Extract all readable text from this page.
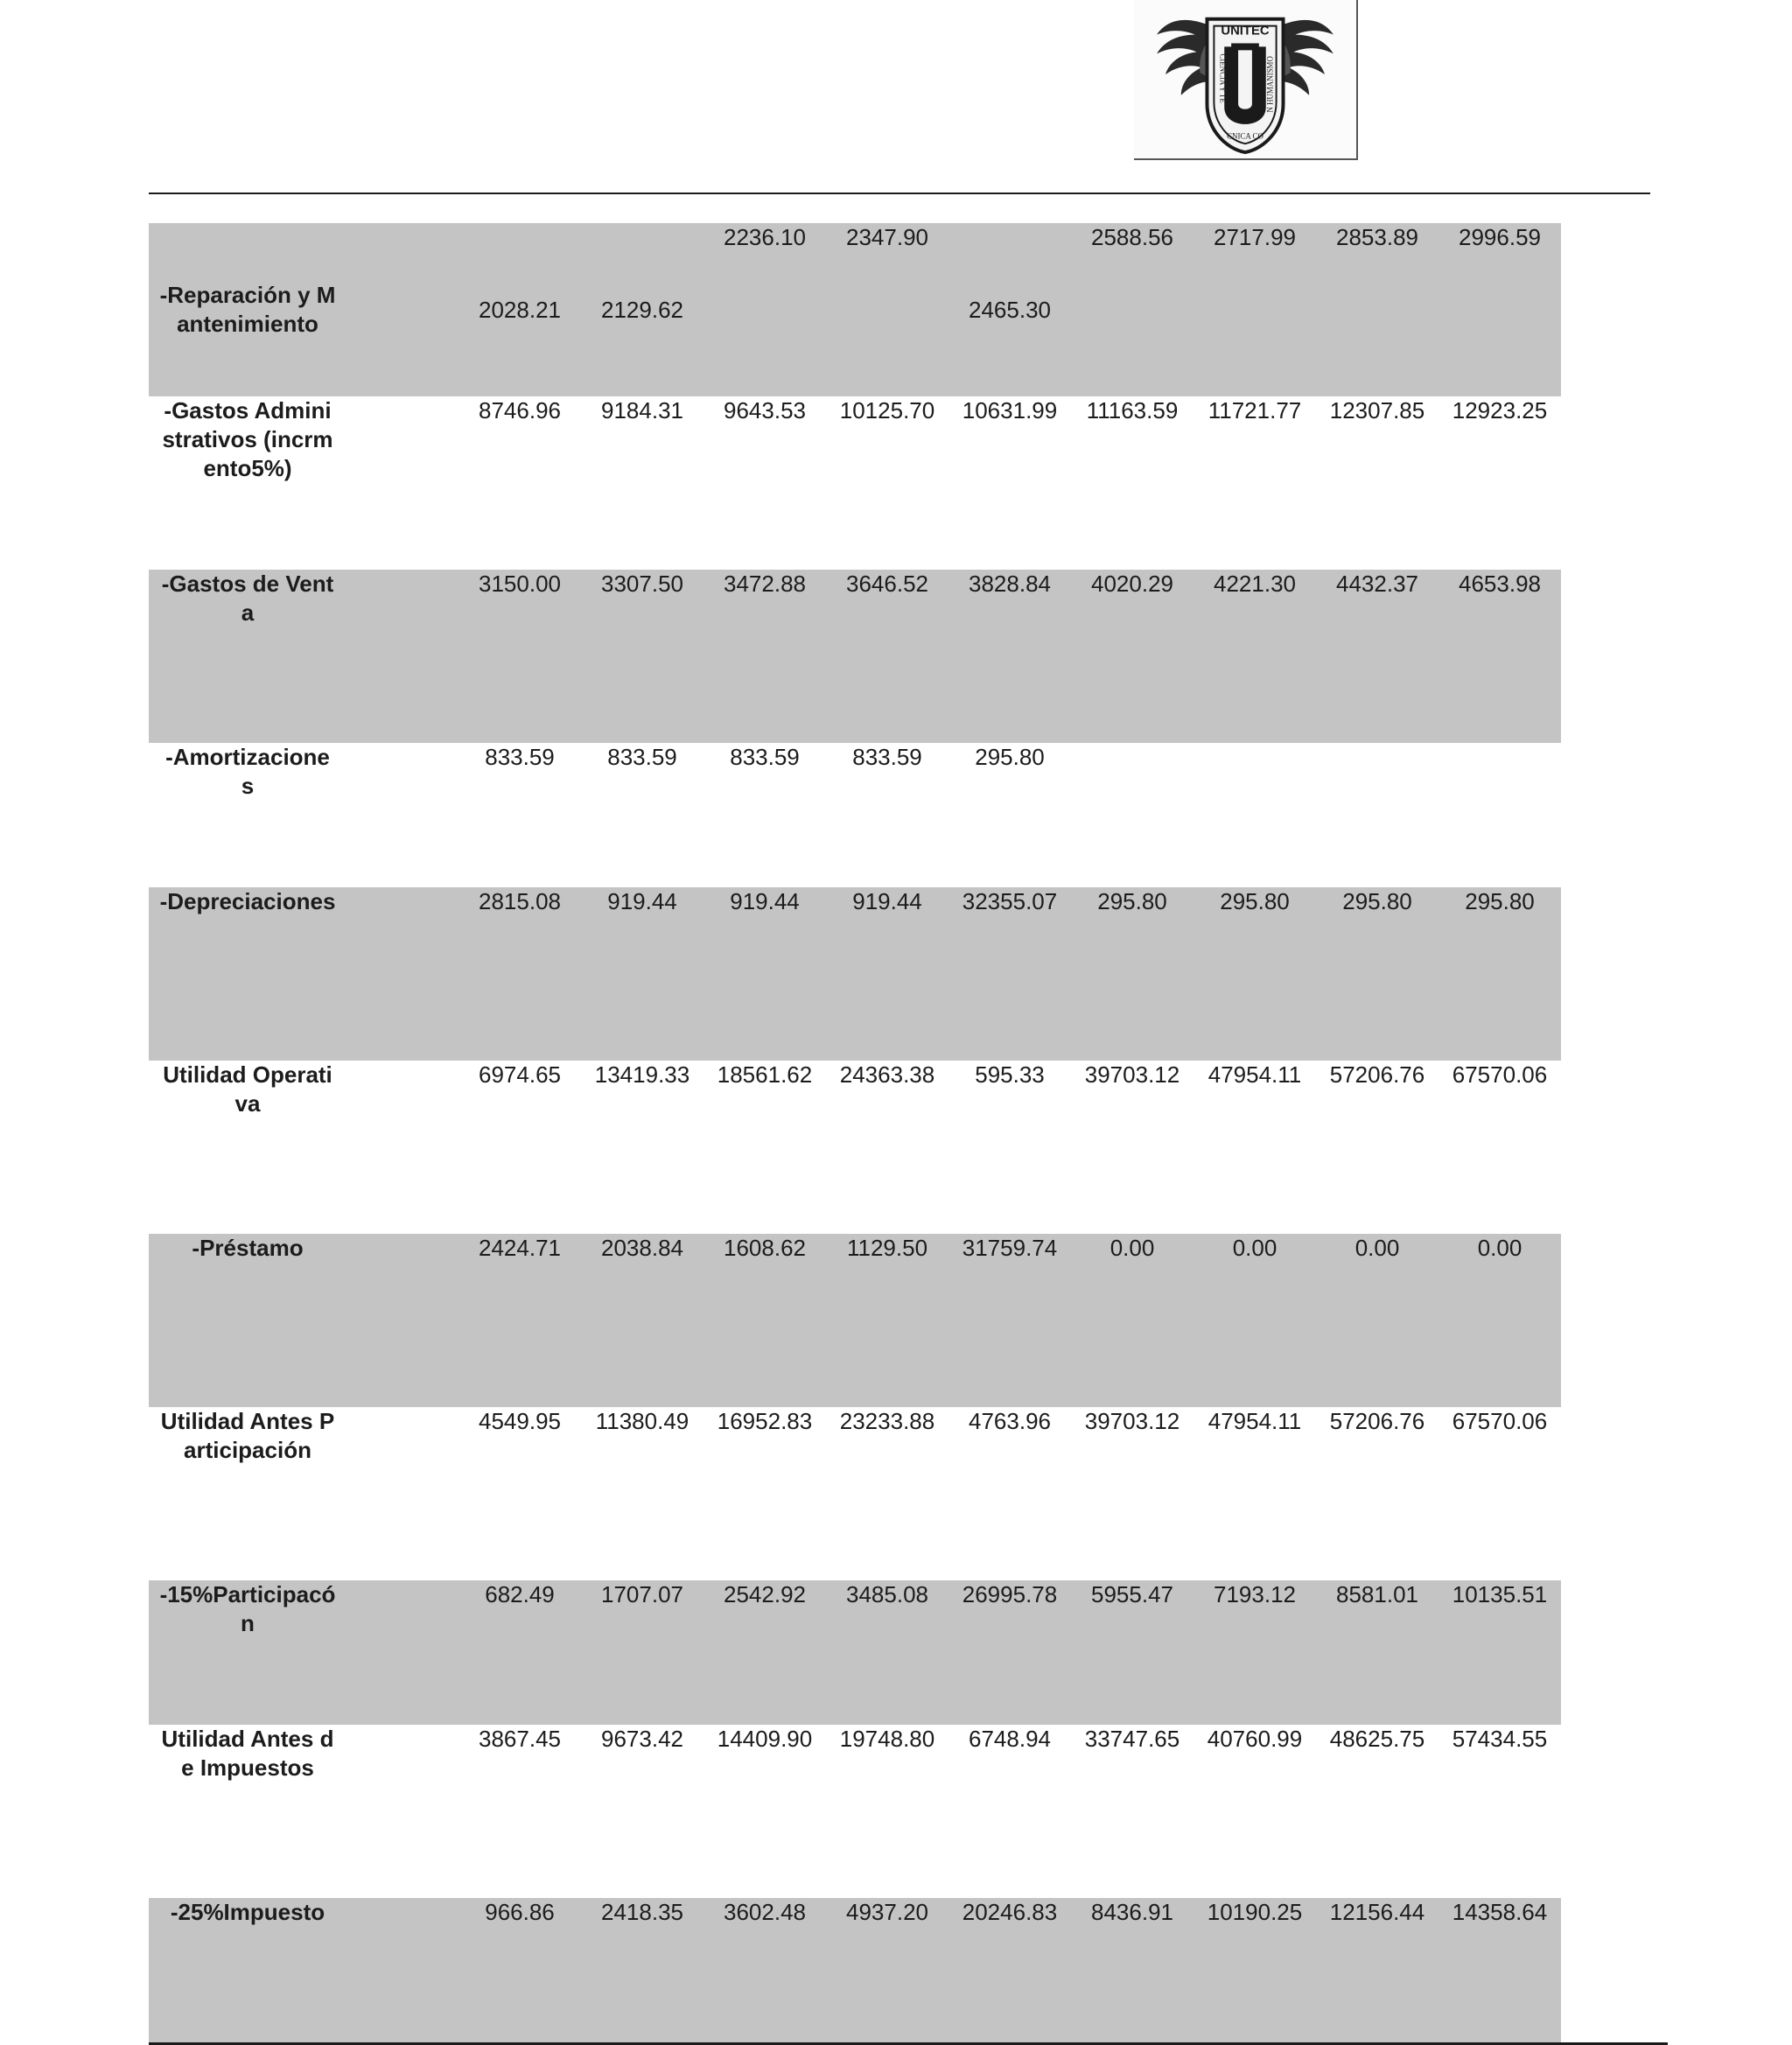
UNITEC
CIENCIA Y TE	N HUMANISMO
CNICA CO
-Reparación y Mantenimiento		2028.21	2129.62	2236.10	2347.90	2465.30	2588.56	2717.99	2853.89	2996.59	
-Gastos Administrativos (incrmento5%)		8746.96	9184.31	9643.53	10125.70	10631.99	11163.59	11721.77	12307.85	12923.25	
-Gastos de Venta		3150.00	3307.50	3472.88	3646.52	3828.84	4020.29	4221.30	4432.37	4653.98	
-Amortizaciones		833.59	833.59	833.59	833.59	295.80					
-Depreciaciones		2815.08	919.44	919.44	919.44	32355.07	295.80	295.80	295.80	295.80	
Utilidad Operativa		6974.65	13419.33	18561.62	24363.38	595.33	39703.12	47954.11	57206.76	67570.06	
-Préstamo		2424.71	2038.84	1608.62	1129.50	31759.74	0.00	0.00	0.00	0.00	
Utilidad Antes Participación		4549.95	11380.49	16952.83	23233.88	4763.96	39703.12	47954.11	57206.76	67570.06	
-15%Participacón		682.49	1707.07	2542.92	3485.08	26995.78	5955.47	7193.12	8581.01	10135.51	
Utilidad Antes de Impuestos		3867.45	9673.42	14409.90	19748.80	6748.94	33747.65	40760.99	48625.75	57434.55	
-25%Impuesto		966.86	2418.35	3602.48	4937.20	20246.83	8436.91	10190.25	12156.44	14358.64	
